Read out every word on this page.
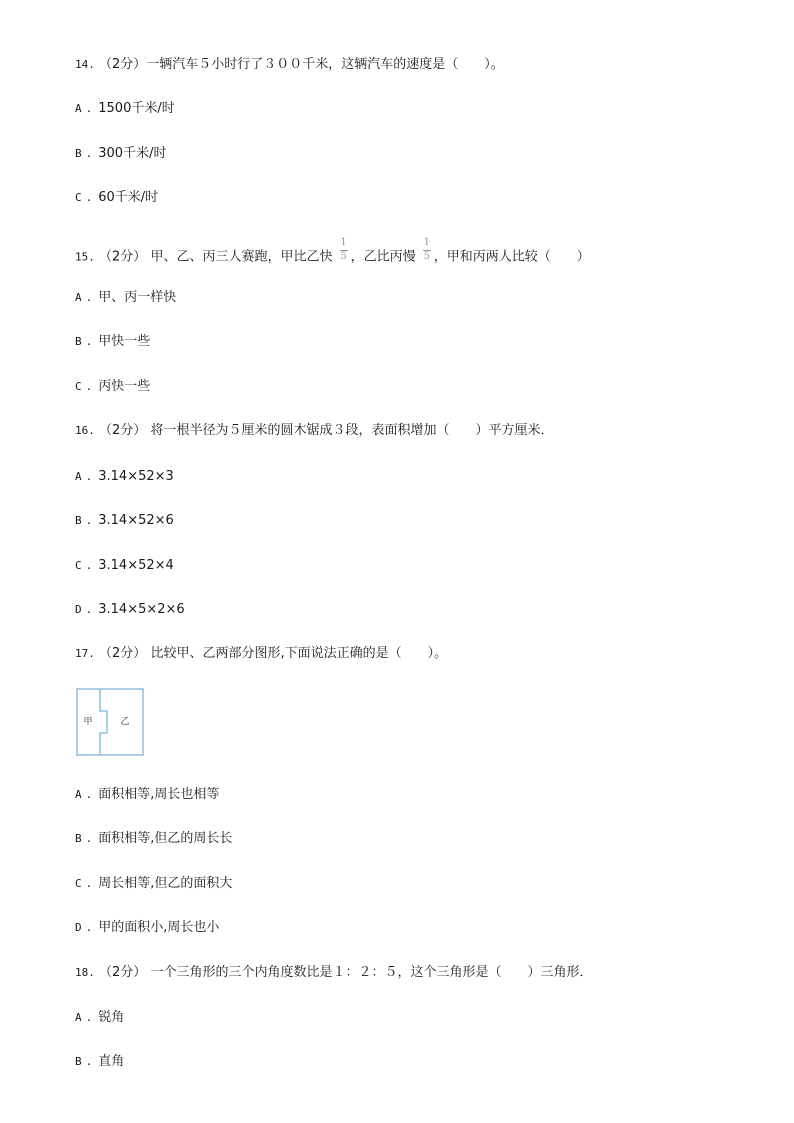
14. （2分）一辆汽车５小时行了３００千米，这辆汽车的速度是（　　）。
A . 1500千米/时
B . 300千米/时
C . 60千米/时
15. （2分） 甲、乙、丙三人赛跑，甲比乙快 $\frac{1}{5}$ ，乙比丙慢 $\frac{1}{5}$ ，甲和丙两人比较（　　）
A . 甲、丙一样快
B . 甲快一些
C . 丙快一些
16. （2分） 将一根半径为５厘米的圆木锯成３段，表面积增加（　　）平方厘米．
A . 3.14×52×3
B . 3.14×52×6
C . 3.14×52×4
D . 3.14×5×2×6
17. （2分） 比较甲、乙两部分图形,下面说法正确的是（　　）。
甲	乙
A . 面积相等,周长也相等
B . 面积相等,但乙的周长长
C . 周长相等,但乙的面积大
D . 甲的面积小,周长也小
18. （2分） 一个三角形的三个内角度数比是１：２：５，这个三角形是（　　）三角形．
A . 锐角
B . 直角
